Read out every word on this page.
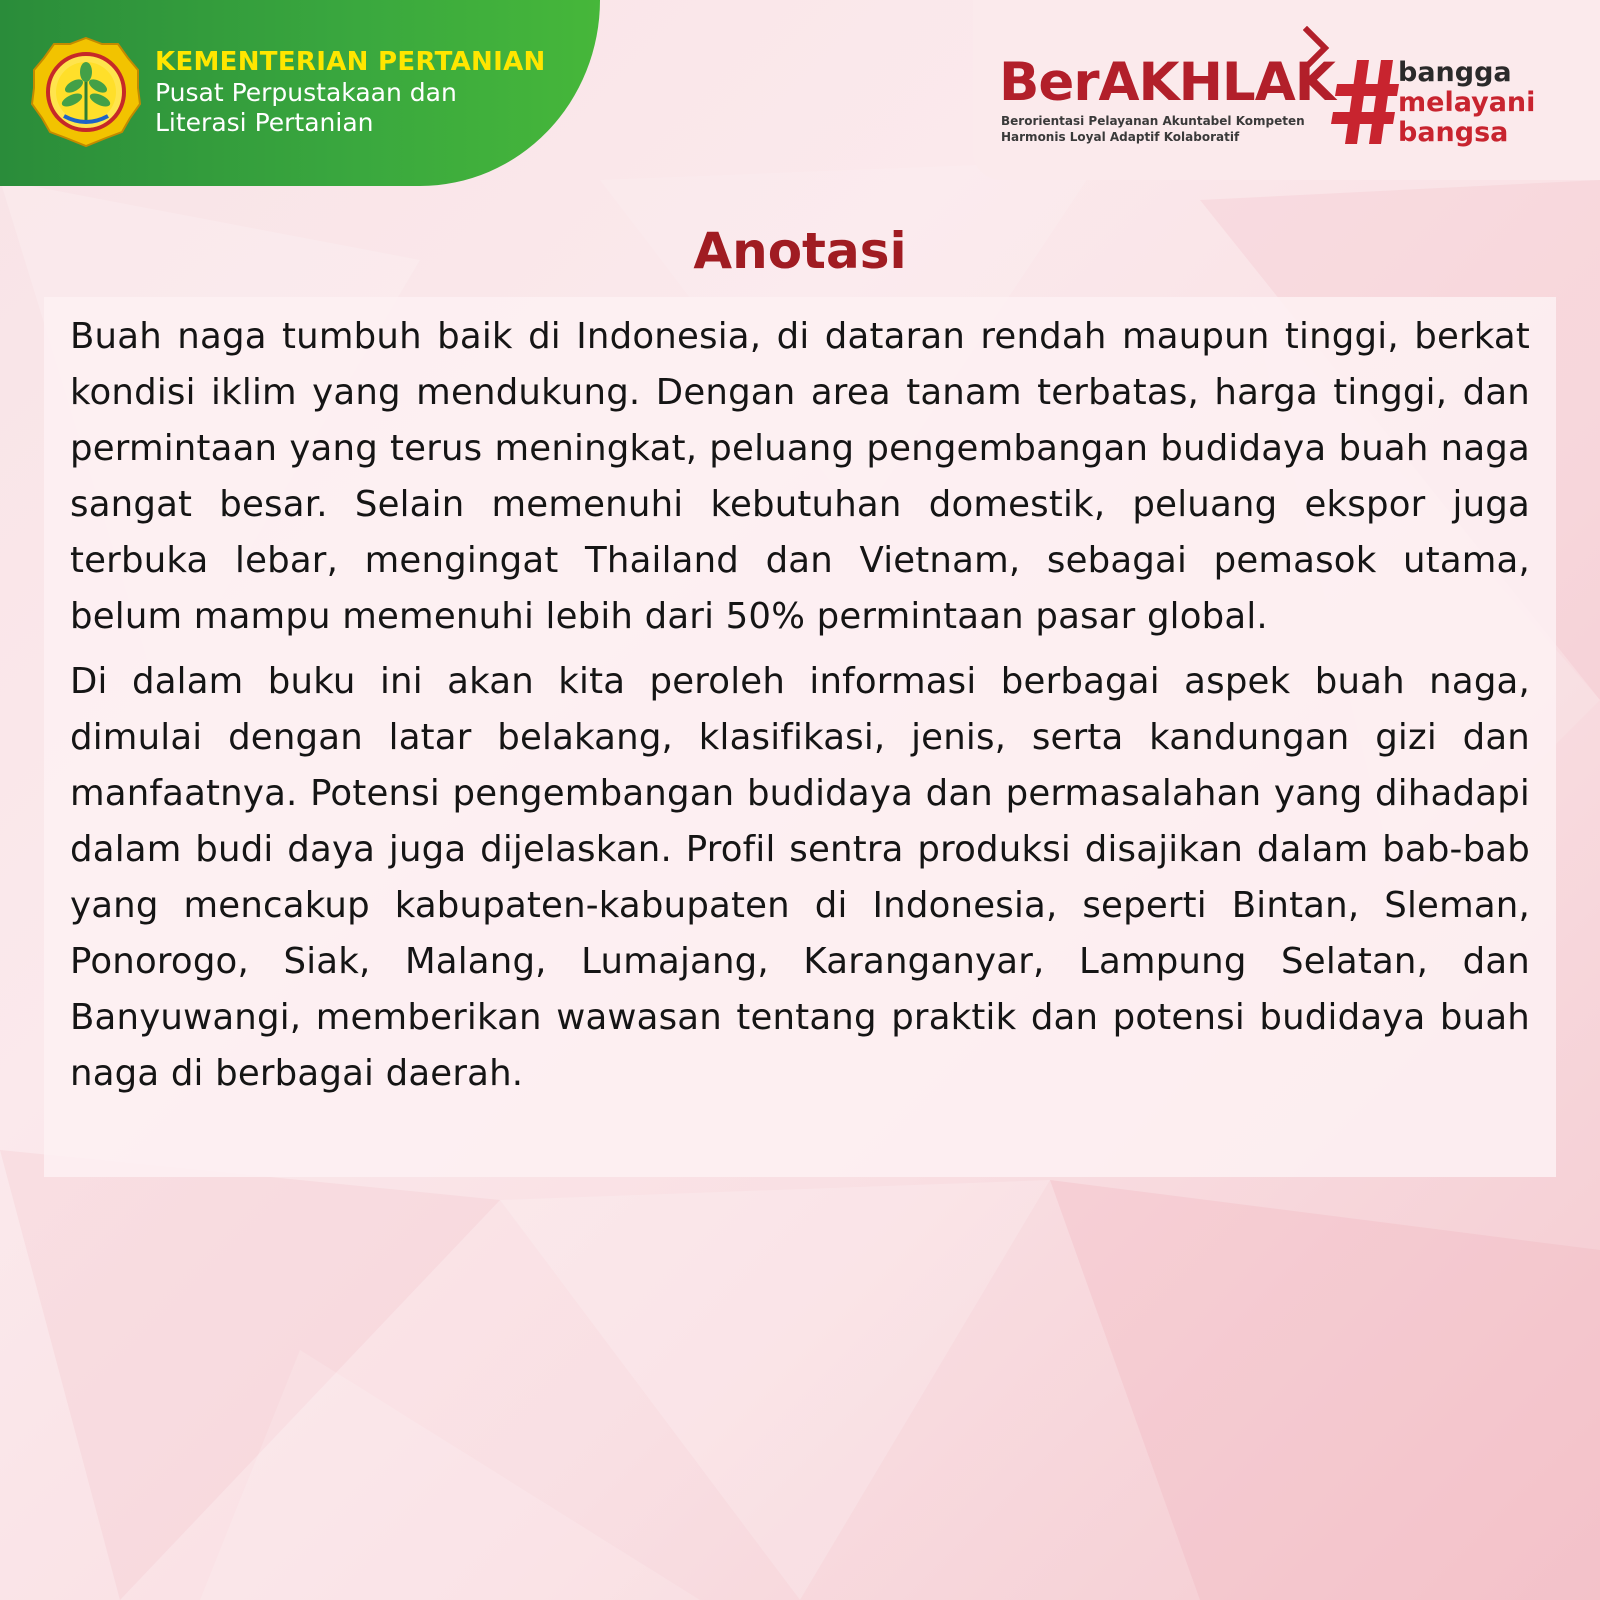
KEMENTERIAN PERTANIAN
Pusat Perpustakaan dan
Literasi Pertanian
BerAKHLAK
Berorientasi Pelayanan Akuntabel Kompeten
Harmonis Loyal Adaptif Kolaboratif
bangga
melayani
bangsa
Anotasi

Buah naga tumbuh baik di Indonesia, di dataran rendah maupun tinggi, berkat kondisi iklim yang mendukung. Dengan area tanam terbatas, harga tinggi, dan permintaan yang terus meningkat, peluang pengembangan budidaya buah naga sangat besar. Selain memenuhi kebutuhan domestik, peluang ekspor juga terbuka lebar, mengingat Thailand dan Vietnam, sebagai pemasok utama, belum mampu memenuhi lebih dari 50% permintaan pasar global.

Di dalam buku ini akan kita peroleh informasi berbagai aspek buah naga, dimulai dengan latar belakang, klasifikasi, jenis, serta kandungan gizi dan manfaatnya. Potensi pengembangan budidaya dan permasalahan yang dihadapi dalam budi daya juga dijelaskan. Profil sentra produksi disajikan dalam bab-bab yang mencakup kabupaten-kabupaten di Indonesia, seperti Bintan, Sleman, Ponorogo, Siak, Malang, Lumajang, Karanganyar, Lampung Selatan, dan Banyuwangi, memberikan wawasan tentang praktik dan potensi budidaya buah naga di berbagai daerah.
